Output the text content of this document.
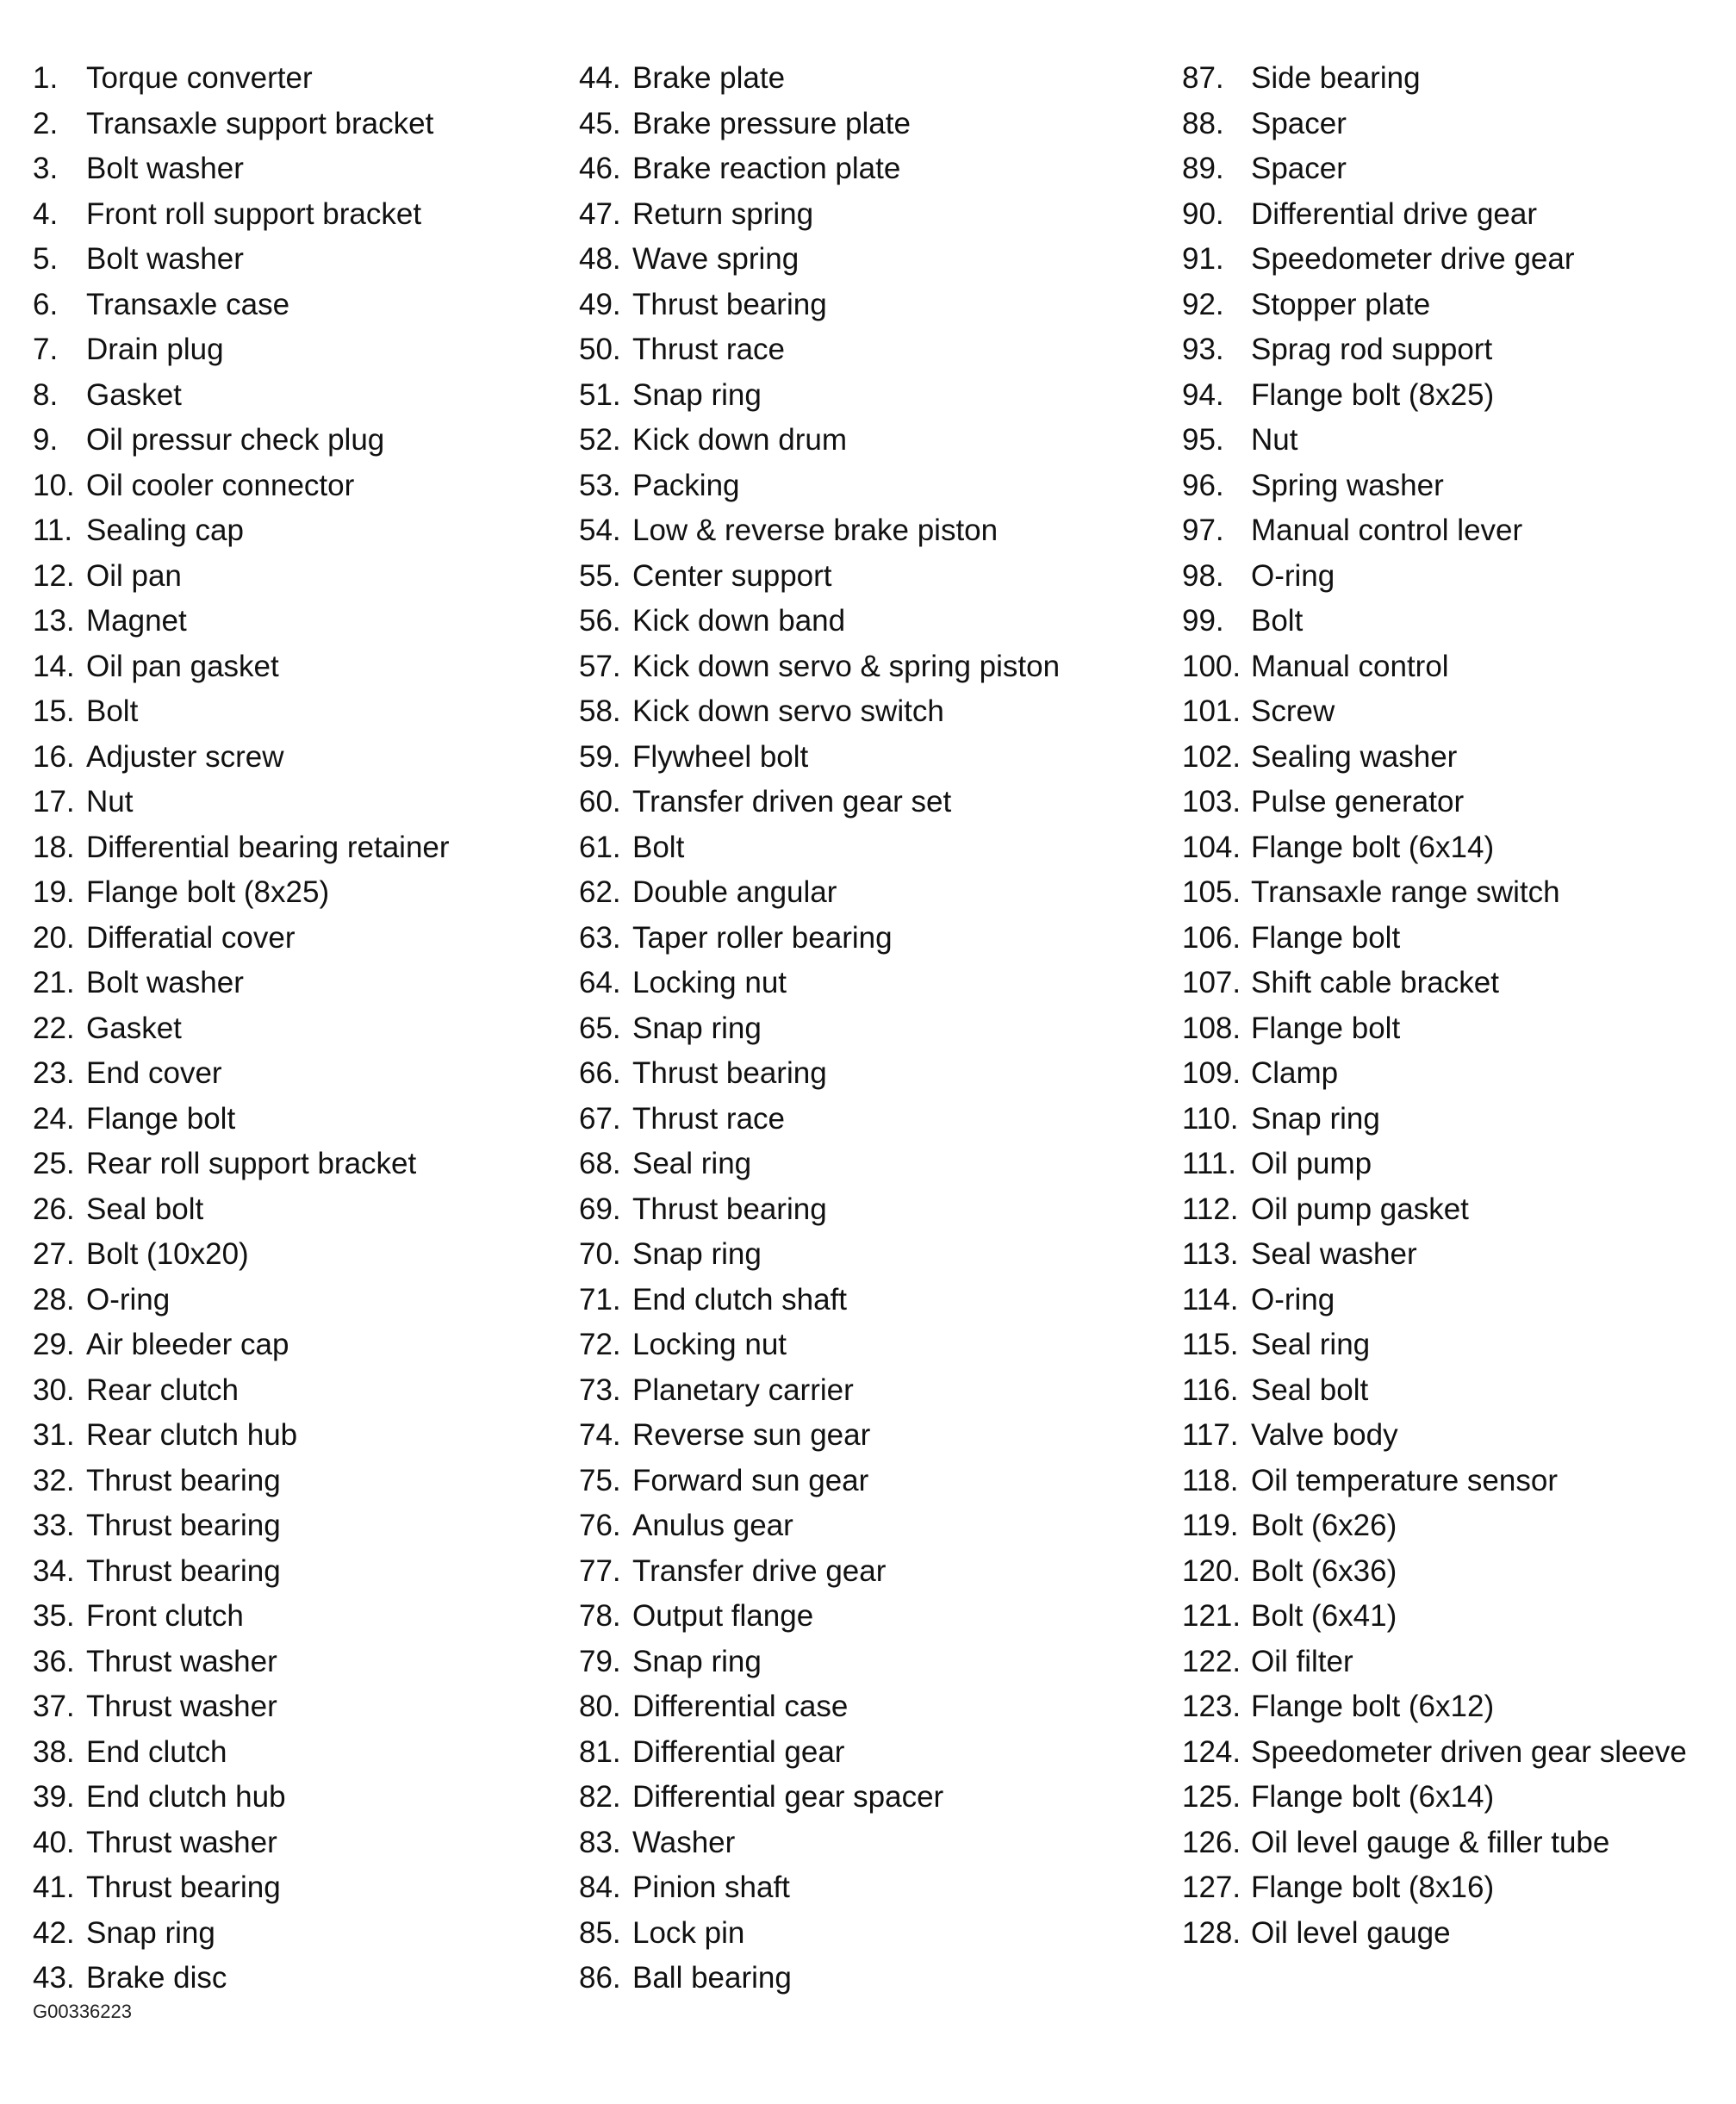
1. Torque converter
2. Transaxle support bracket
3. Bolt washer
4. Front roll support bracket
5. Bolt washer
6. Transaxle case
7. Drain plug
8. Gasket
9. Oil pressur check plug
10. Oil cooler connector
11. Sealing cap
12. Oil pan
13. Magnet
14. Oil pan gasket
15. Bolt
16. Adjuster screw
17. Nut
18. Differential bearing retainer
19. Flange bolt (8x25)
20. Differatial cover
21. Bolt washer
22. Gasket
23. End cover
24. Flange bolt
25. Rear roll support bracket
26. Seal bolt
27. Bolt (10x20)
28. O-ring
29. Air bleeder cap
30. Rear clutch
31. Rear clutch hub
32. Thrust bearing
33. Thrust bearing
34. Thrust bearing
35. Front clutch
36. Thrust washer
37. Thrust washer
38. End clutch
39. End clutch hub
40. Thrust washer
41. Thrust bearing
42. Snap ring
43. Brake disc
44. Brake plate
45. Brake pressure plate
46. Brake reaction plate
47. Return spring
48. Wave spring
49. Thrust bearing
50. Thrust race
51. Snap ring
52. Kick down drum
53. Packing
54. Low & reverse brake piston
55. Center support
56. Kick down band
57. Kick down servo & spring piston
58. Kick down servo switch
59. Flywheel bolt
60. Transfer driven gear set
61. Bolt
62. Double angular
63. Taper roller bearing
64. Locking nut
65. Snap ring
66. Thrust bearing
67. Thrust race
68. Seal ring
69. Thrust bearing
70. Snap ring
71. End clutch shaft
72. Locking nut
73. Planetary carrier
74. Reverse sun gear
75. Forward sun gear
76. Anulus gear
77. Transfer drive gear
78. Output flange
79. Snap ring
80. Differential case
81. Differential gear
82. Differential gear spacer
83. Washer
84. Pinion shaft
85. Lock pin
86. Ball bearing
87. Side bearing
88. Spacer
89. Spacer
90. Differential drive gear
91. Speedometer drive gear
92. Stopper plate
93. Sprag rod support
94. Flange bolt (8x25)
95. Nut
96. Spring washer
97. Manual control lever
98. O-ring
99. Bolt
100. Manual control
101. Screw
102. Sealing washer
103. Pulse generator
104. Flange bolt (6x14)
105. Transaxle range switch
106. Flange bolt
107. Shift cable bracket
108. Flange bolt
109. Clamp
110. Snap ring
111. Oil pump
112. Oil pump gasket
113. Seal washer
114. O-ring
115. Seal ring
116. Seal bolt
117. Valve body
118. Oil temperature sensor
119. Bolt (6x26)
120. Bolt (6x36)
121. Bolt (6x41)
122. Oil filter
123. Flange bolt (6x12)
124. Speedometer driven gear sleeve
125. Flange bolt (6x14)
126. Oil level gauge & filler tube
127. Flange bolt (8x16)
128. Oil level gauge
G00336223
